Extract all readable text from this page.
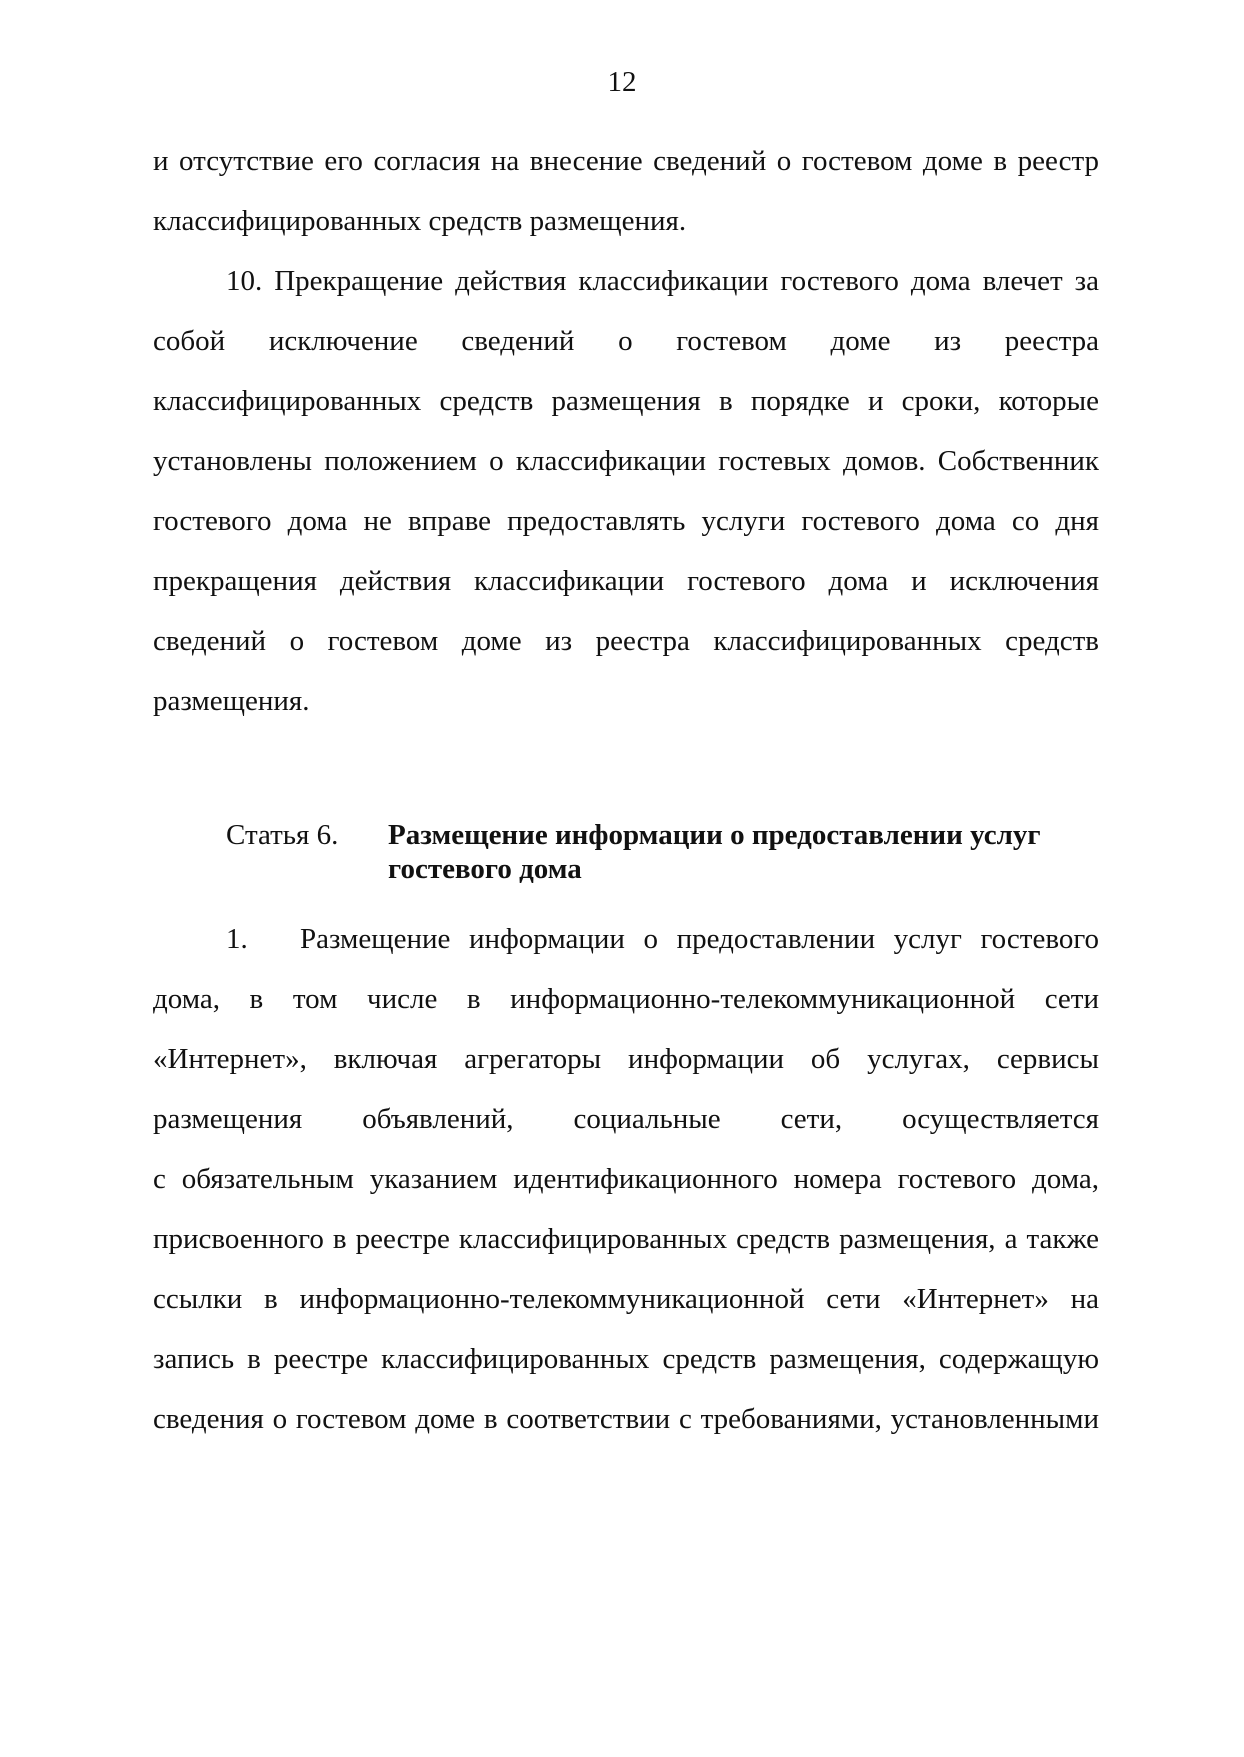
12
и отсутствие его согласия на внесение сведений о гостевом доме в реестр
классифицированных средств размещения.
10. Прекращение действия классификации гостевого дома влечет за
собой исключение сведений о гостевом доме из реестра
классифицированных средств размещения в порядке и сроки, которые
установлены положением о классификации гостевых домов. Собственник
гостевого дома не вправе предоставлять услуги гостевого дома со дня
прекращения действия классификации гостевого дома и исключения
сведений о гостевом доме из реестра классифицированных средств
размещения.
Статья 6. Размещение информации о предоставлении услуг
гостевого дома
1. Размещение информации о предоставлении услуг гостевого
дома, в том числе в информационно-телекоммуникационной сети
«Интернет», включая агрегаторы информации об услугах, сервисы
размещения объявлений, социальные сети, осуществляется
с обязательным указанием идентификационного номера гостевого дома,
присвоенного в реестре классифицированных средств размещения, а также
ссылки в информационно-телекоммуникационной сети «Интернет» на
запись в реестре классифицированных средств размещения, содержащую
сведения о гостевом доме в соответствии с требованиями, установленными
